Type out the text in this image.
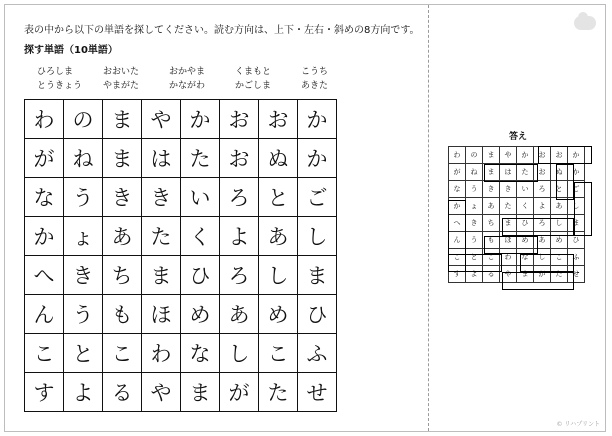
表の中から以下の単語を探してください。読む方向は、上下・左右・斜めの8方向です。
探す単語（10単語）
ひろしま	おおいた	おかやま	くまもと	こうち
とうきょう	やまがた	かながわ	かごしま	あきた
わ	の	ま	や	か	お	お	か
が	ね	ま	は	た	お	ぬ	か
な	う	き	き	い	ろ	と	ご
か	ょ	あ	た	く	よ	あ	し
へ	き	ち	ま	ひ	ろ	し	ま
ん	う	も	ほ	め	あ	め	ひ
こ	と	こ	わ	な	し	こ	ふ
す	よ	る	や	ま	が	た	せ
答え
わ	の	ま	や	か	お	お	か
が	ね	ま	は	た	お	ぬ	か
な	う	き	き	い	ろ	と	ご
か	ょ	あ	た	く	よ	あ	し
へ	き	ち	ま	ひ	ろ	し	ま
ん	う	も	ほ	め	あ	め	ひ
こ	と	こ	わ	な	し	こ	ふ
す	よ	る	や	ま	が	た	せ
© リハプリント
